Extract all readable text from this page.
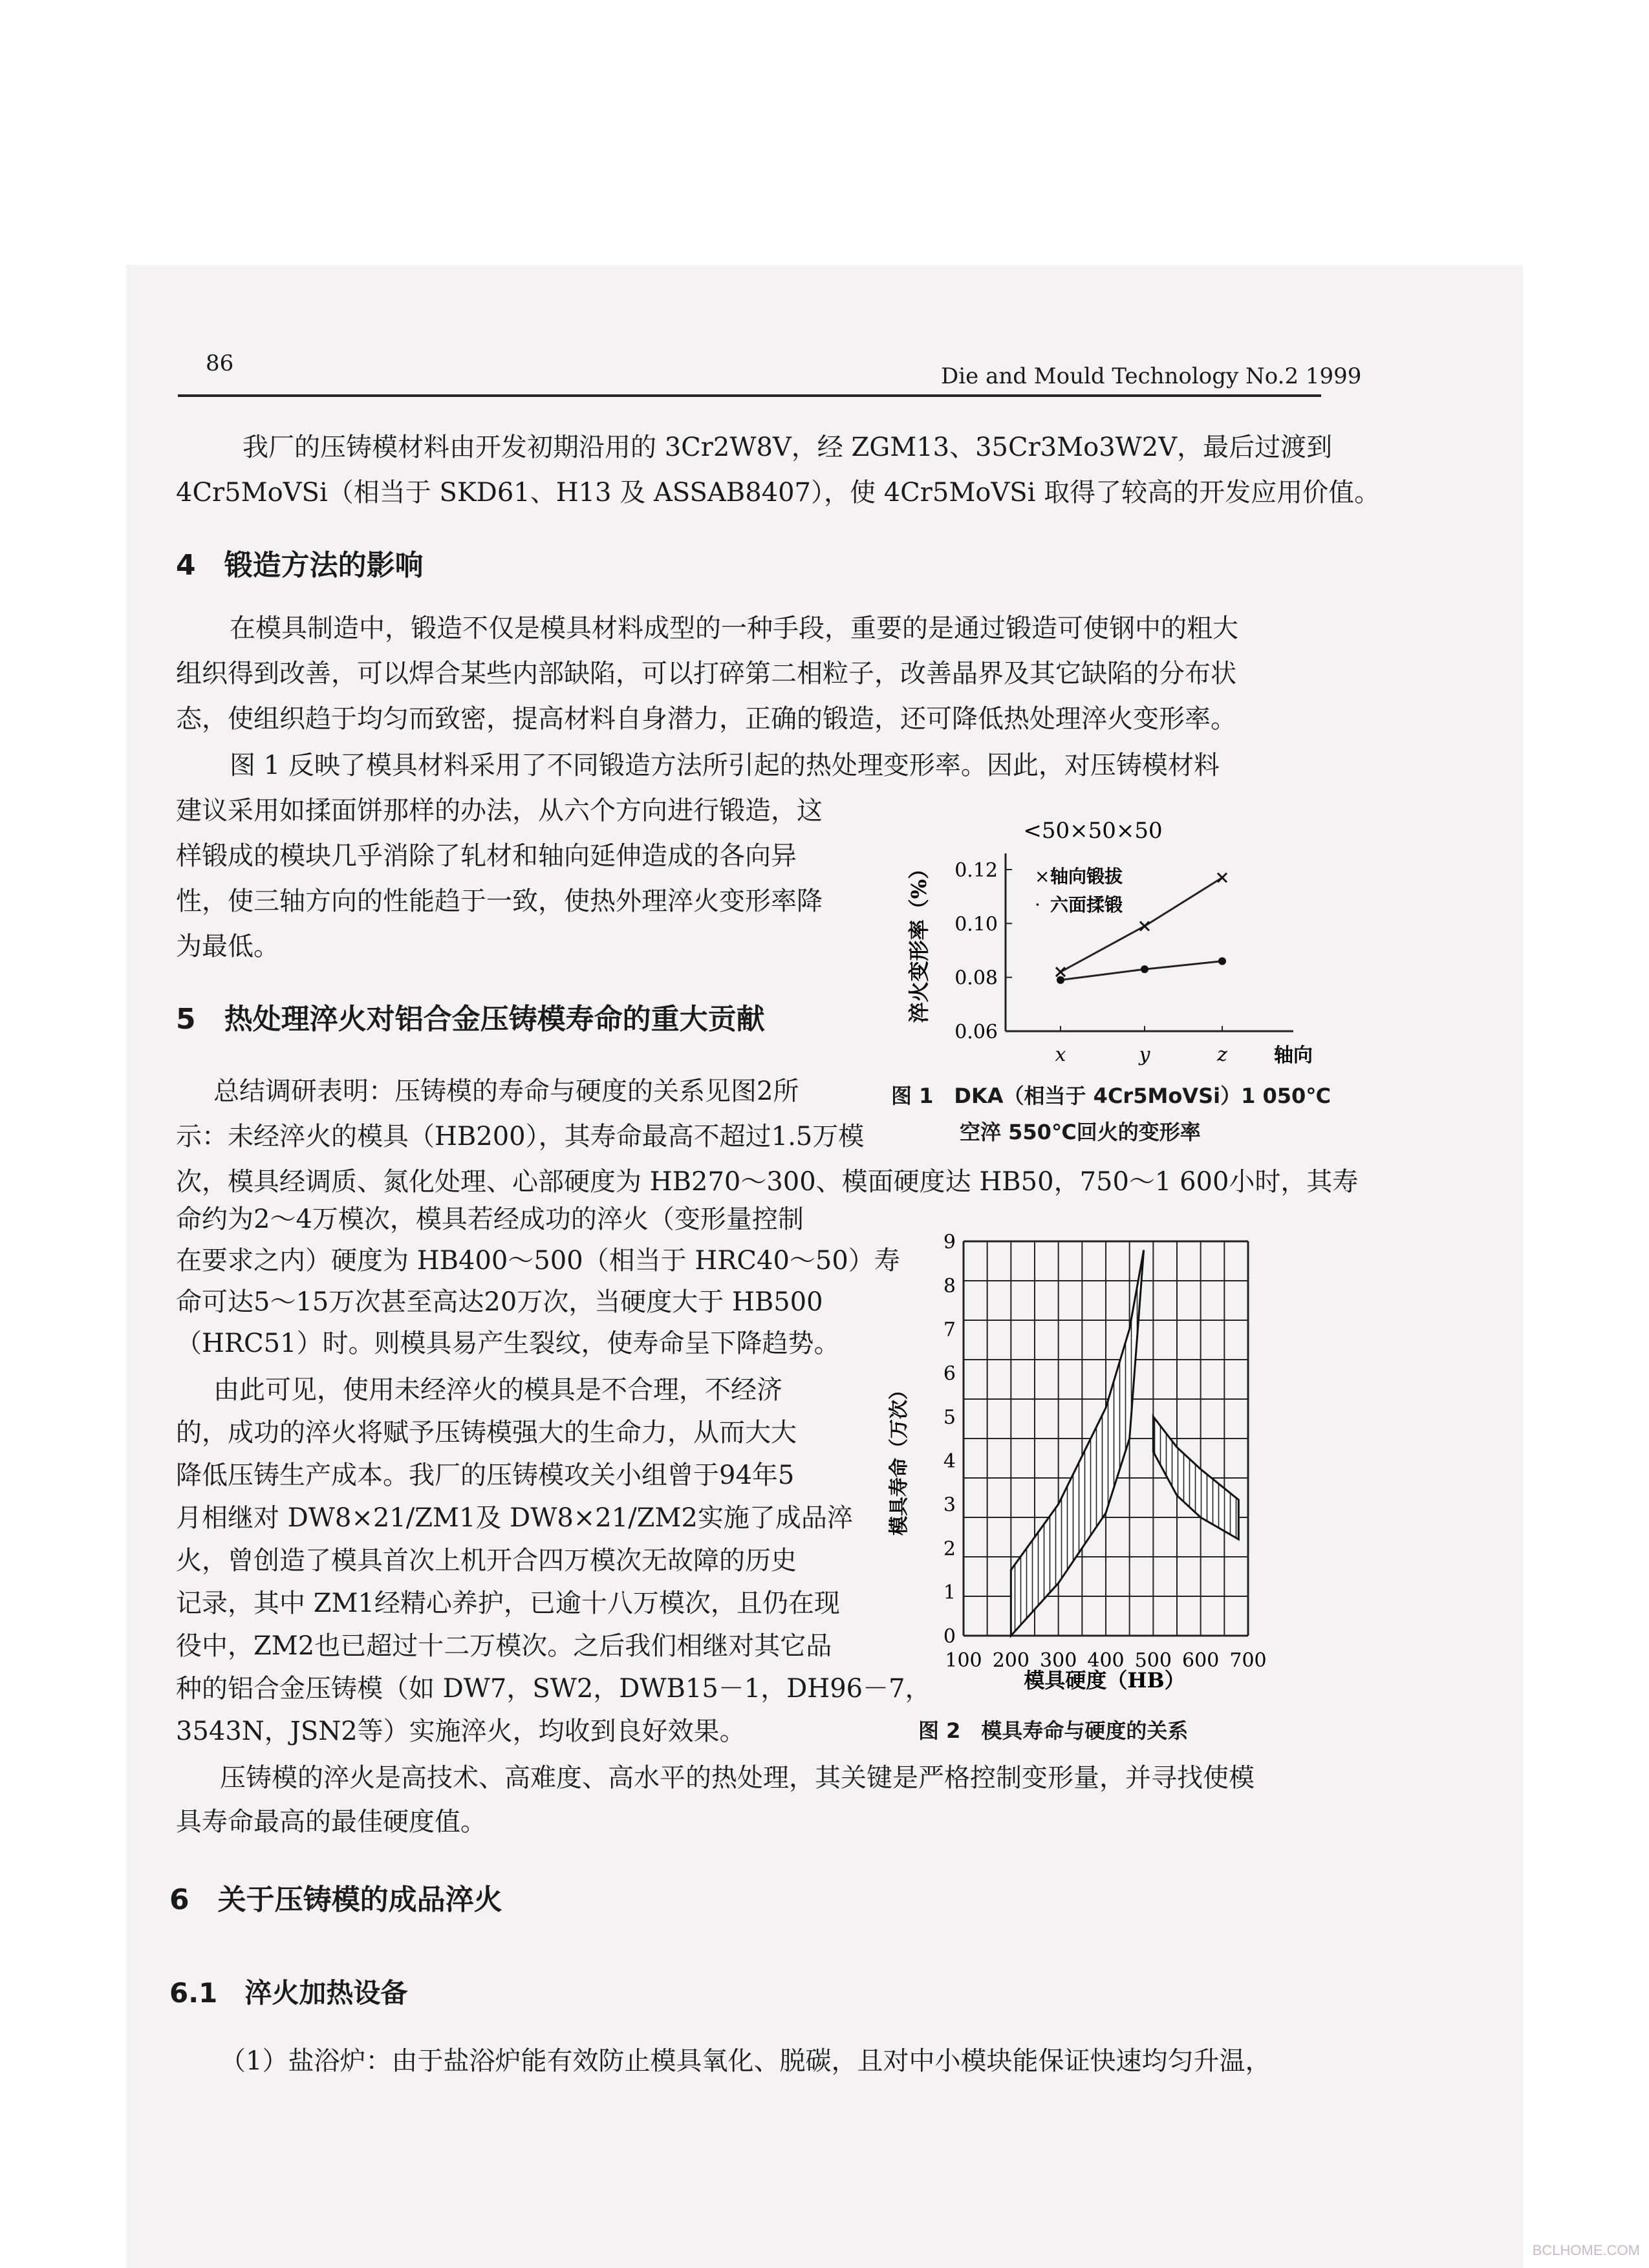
86	Die and Mould Technology No.2 1999
我厂的压铸模材料由开发初期沿用的 3Cr2W8V，经 ZGM13、35Cr3Mo3W2V，最后过渡到
4Cr5MoVSi（相当于 SKD61、H13 及 ASSAB8407），使 4Cr5MoVSi 取得了较高的开发应用价值。
4　锻造方法的影响
在模具制造中，锻造不仅是模具材料成型的一种手段，重要的是通过锻造可使钢中的粗大
组织得到改善，可以焊合某些内部缺陷，可以打碎第二相粒子，改善晶界及其它缺陷的分布状
态，使组织趋于均匀而致密，提高材料自身潜力，正确的锻造，还可降低热处理淬火变形率。
图 1 反映了模具材料采用了不同锻造方法所引起的热处理变形率。因此，对压铸模材料
建议采用如揉面饼那样的办法，从六个方向进行锻造，这
样锻成的模块几乎消除了轧材和轴向延伸造成的各向异
性，使三轴方向的性能趋于一致，使热外理淬火变形率降
为最低。
5　热处理淬火对铝合金压铸模寿命的重大贡献
总结调研表明：压铸模的寿命与硬度的关系见图2所
示：未经淬火的模具（HB200），其寿命最高不超过1.5万模
次，模具经调质、氮化处理、心部硬度为 HB270～300、模面硬度达 HB50，750～1 600小时，其寿
命约为2～4万模次，模具若经成功的淬火（变形量控制
在要求之内）硬度为 HB400～500（相当于 HRC40～50）寿
命可达5～15万次甚至高达20万次，当硬度大于 HB500
（HRC51）时。则模具易产生裂纹，使寿命呈下降趋势。
由此可见，使用未经淬火的模具是不合理，不经济
的，成功的淬火将赋予压铸模强大的生命力，从而大大
降低压铸生产成本。我厂的压铸模攻关小组曾于94年5
月相继对 DW8×21/ZM1及 DW8×21/ZM2实施了成品淬
火，曾创造了模具首次上机开合四万模次无故障的历史
记录，其中 ZM1经精心养护，已逾十八万模次，且仍在现
役中，ZM2也已超过十二万模次。之后我们相继对其它品
种的铝合金压铸模（如 DW7，SW2，DWB15－1，DH96－7，
3543N，JSN2等）实施淬火，均收到良好效果。
压铸模的淬火是高技术、高难度、高水平的热处理，其关键是严格控制变形量，并寻找使模
具寿命最高的最佳硬度值。
6　关于压铸模的成品淬火
6.1　淬火加热设备
（1）盐浴炉：由于盐浴炉能有效防止模具氧化、脱碳，且对中小模块能保证快速均匀升温，
<50×50×50
淬火变形率（%） 0.12
0.10
0.08
0.06
x	y	z 轴向
× 轴向锻拔
· 六面揉锻
图 1　DKA（相当于 4Cr5MoVSi）1 050℃
空淬 550℃回火的变形率
9
8
7
6
5
4
3
2
1
0
100 200 300 400 500 600 700
模具寿命（万次）
模具硬度（HB）
图 2　模具寿命与硬度的关系
BCLHOME.COM
